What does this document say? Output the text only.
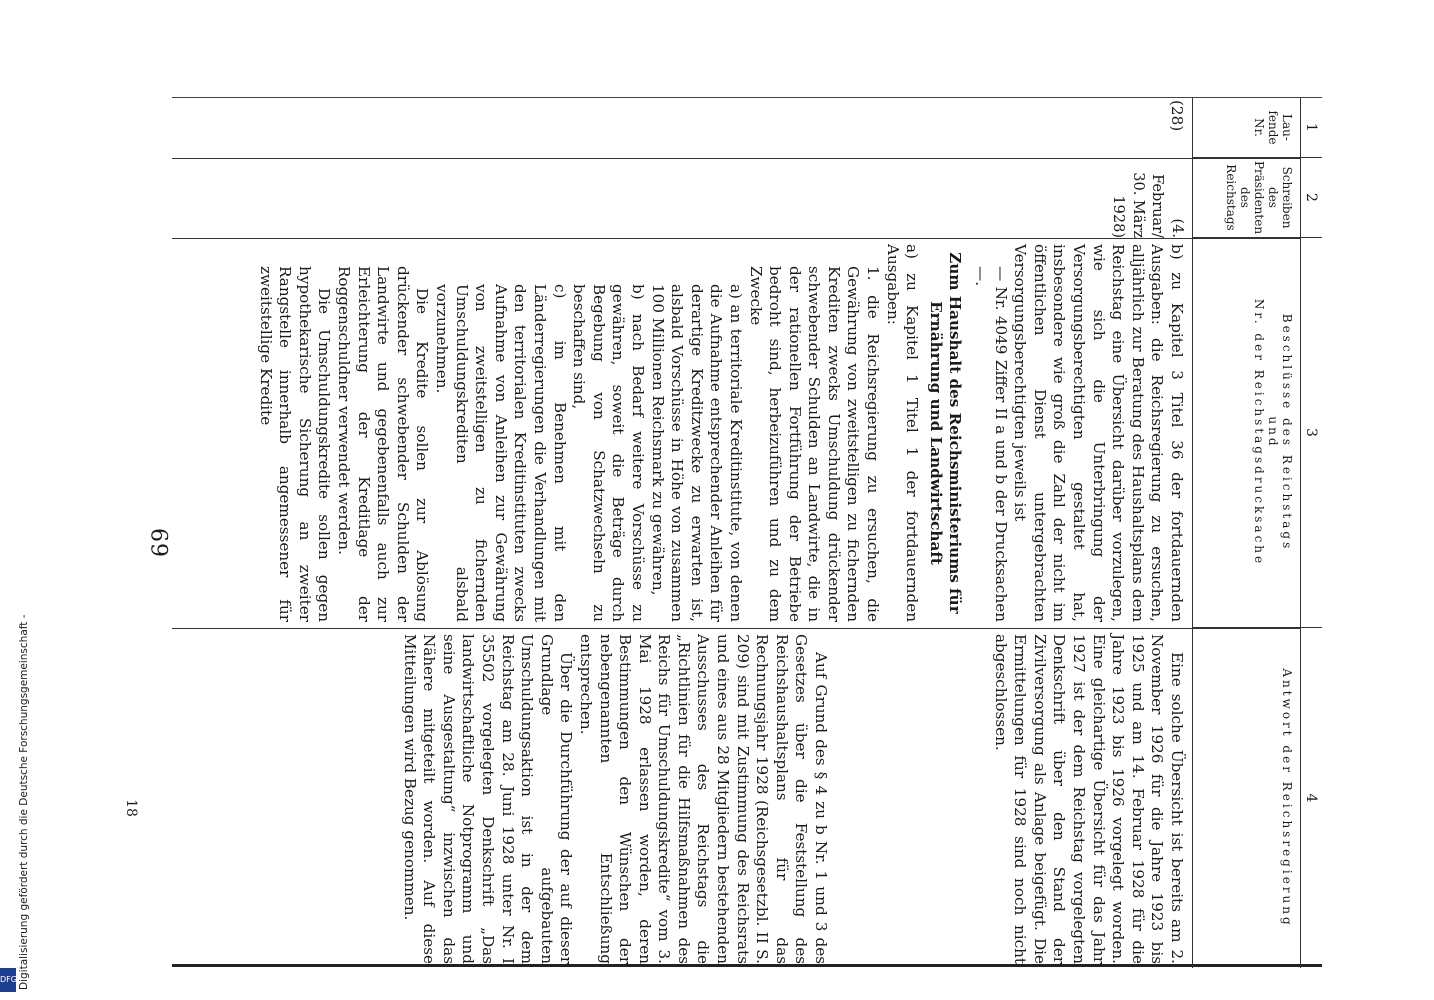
1
2
3
4
Lau-
fende
Nr.
Schreiben
des
Präsidenten
des
Reichstags
Beschlüsse des Reichstags
und
Nr. der Reichstagsdrucksache
Antwort der Reichsregierung
(28)
(4. Februar/
30. März
1928)

b) zu Kapitel 3 Titel 36 der fortdauernden Ausgaben: die Reichsregierung zu ersuchen, alljährlich zur Beratung des Haushaltsplans dem Reichstag eine Übersicht darüber vorzulegen, wie sich die Unterbringung der Versorgungsberechtigten gestaltet hat, insbesondere wie groß die Zahl der nicht im öffentlichen Dienst untergebrachten Versorgungsberechtigten jeweils ist

— Nr. 4049 Ziffer II a und b der Drucksachen —.

Zum Haushalt des Reichsministeriums für Ernährung und Landwirtschaft

a) zu Kapitel 1 Titel 1 der fortdauernden Ausgaben:

1. die Reichsregierung zu ersuchen, die Gewährung von zweitstelligen zu fichernden Krediten zwecks Umschuldung drückender schwebender Schulden an Landwirte, die in der rationellen Fortführung der Betriebe bedroht sind, herbeizuführen und zu dem Zwecke

a) an territoriale Kreditinstitute, von denen die Aufnahme entsprechender Anleihen für derartige Kreditzwecke zu erwarten ist, alsbald Vorschüsse in Höhe von zusammen 100 Millionen Reichsmark zu gewähren,

b) nach Bedarf weitere Vorschüsse zu gewähren, soweit die Beträge durch Begebung von Schatzwechseln zu beschaffen sind,

c) im Benehmen mit den Länderregierungen die Verhandlungen mit den territorialen Kreditinstituten zwecks Aufnahme von Anleihen zur Gewährung von zweitstelligen zu fichernden Umschuldungskrediten alsbald vorzunehmen.

Die Kredite sollen zur Ablösung drückender schwebender Schulden der Landwirte und gegebenenfalls auch zur Erleichterung der Kreditlage der Roggenschuldner verwendet werden.

Die Umschuldungskredite sollen gegen hypothekarische Sicherung an zweiter Rangstelle innerhalb angemessener für zweitstellige Kredite

Eine solche Übersicht ist bereits am 2. November 1926 für die Jahre 1923 bis 1925 und am 14. Februar 1928 für die Jahre 1923 bis 1926 vorgelegt worden. Eine gleichartige Übersicht für das Jahr 1927 ist der dem Reichstag vorgelegten Denkschrift über den Stand der Zivilversorgung als Anlage beigefügt. Die Ermittelungen für 1928 sind noch nicht abgeschlossen.

Auf Grund des § 4 zu b Nr. 1 und 3 des Gesetzes über die Feststellung des Reichshaushaltsplans für das Rechnungsjahr 1928 (Reichsgesetzbl. II S. 209) sind mit Zustimmung des Reichsrats und eines aus 28 Mitgliedern bestehenden Ausschusses des Reichstags die „Richtlinien für die Hilfsmaßnahmen des Reichs für Umschuldungskredite“ vom 3. Mai 1928 erlassen worden, deren Bestimmungen den Wünschen der nebengenannten Entschließung entsprechen.

Über die Durchführung der auf dieser Grundlage aufgebauten Umschuldungsaktion ist in der dem Reichstag am 28. Juni 1928 unter Nr. I 35502 vorgelegten Denkschrift „Das landwirtschaftliche Notprogramm und seine Ausgestaltung“ inzwischen das Nähere mitgeteilt worden. Auf diese Mitteilungen wird Bezug genommen.

69
18
Digitalisierung gefördert durch die Deutsche Forschungsgemeinschaft -
DFG
